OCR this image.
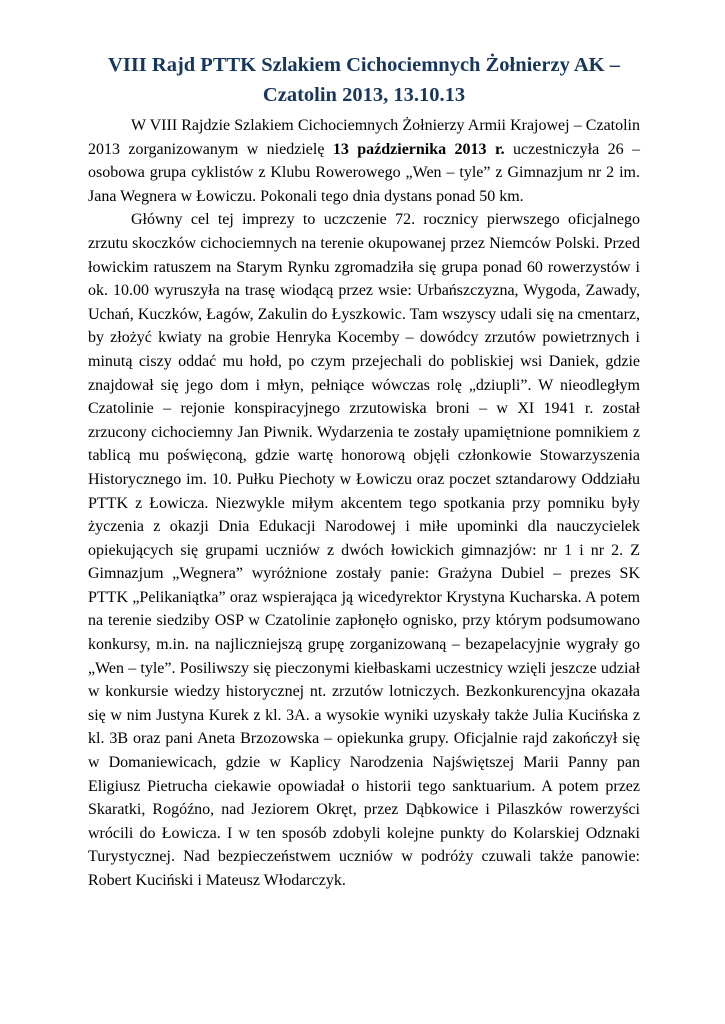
VIII Rajd PTTK Szlakiem Cichociemnych Żołnierzy AK –
Czatolin 2013, 13.10.13

W VIII Rajdzie Szlakiem Cichociemnych Żołnierzy Armii Krajowej – Czatolin 2013 zorganizowanym w niedzielę 13 października 2013 r. uczestniczyła 26 – osobowa grupa cyklistów z Klubu Rowerowego „Wen – tyle” z Gimnazjum nr 2 im. Jana Wegnera w Łowiczu. Pokonali tego dnia dystans ponad 50 km.

Główny cel tej imprezy to uczczenie 72. rocznicy pierwszego oficjalnego zrzutu skoczków cichociemnych na terenie okupowanej przez Niemców Polski. Przed łowickim ratuszem na Starym Rynku zgromadziła się grupa ponad 60 rowerzystów i ok. 10.00 wyruszyła na trasę wiodącą przez wsie: Urbańszczyzna, Wygoda, Zawady, Uchań, Kuczków, Łagów, Zakulin do Łyszkowic. Tam wszyscy udali się na cmentarz, by złożyć kwiaty na grobie Henryka Kocemby – dowódcy zrzutów powietrznych i minutą ciszy oddać mu hołd, po czym przejechali do pobliskiej wsi Daniek, gdzie znajdował się jego dom i młyn, pełniące wówczas rolę „dziupli”. W nieodległym Czatolinie – rejonie konspiracyjnego zrzutowiska broni – w XI 1941 r. został zrzucony cichociemny Jan Piwnik. Wydarzenia te zostały upamiętnione pomnikiem z tablicą mu poświęconą, gdzie wartę honorową objęli członkowie Stowarzyszenia Historycznego im. 10. Pułku Piechoty w Łowiczu oraz poczet sztandarowy Oddziału PTTK z Łowicza. Niezwykle miłym akcentem tego spotkania przy pomniku były życzenia z okazji Dnia Edukacji Narodowej i miłe upominki dla nauczycielek opiekujących się grupami uczniów z dwóch łowickich gimnazjów: nr 1 i nr 2. Z Gimnazjum „Wegnera” wyróżnione zostały panie: Grażyna Dubiel – prezes SK PTTK „Pelikaniątka” oraz wspierająca ją wicedyrektor Krystyna Kucharska. A potem na terenie siedziby OSP w Czatolinie zapłonęło ognisko, przy którym podsumowano konkursy, m.in. na najliczniejszą grupę zorganizowaną – bezapelacyjnie wygrały go „Wen – tyle”. Posiliwszy się pieczonymi kiełbaskami uczestnicy wzięli jeszcze udział w konkursie wiedzy historycznej nt. zrzutów lotniczych. Bezkonkurencyjna okazała się w nim Justyna Kurek z kl. 3A. a wysokie wyniki uzyskały także Julia Kucińska z kl. 3B oraz pani Aneta Brzozowska – opiekunka grupy. Oficjalnie rajd zakończył się w Domaniewicach, gdzie w Kaplicy Narodzenia Najświętszej Marii Panny pan Eligiusz Pietrucha ciekawie opowiadał o historii tego sanktuarium. A potem przez Skaratki, Rogóźno, nad Jeziorem Okręt, przez Dąbkowice i Pilaszków rowerzyści wrócili do Łowicza. I w ten sposób zdobyli kolejne punkty do Kolarskiej Odznaki Turystycznej. Nad bezpieczeństwem uczniów w podróży czuwali także panowie: Robert Kuciński i Mateusz Włodarczyk.
